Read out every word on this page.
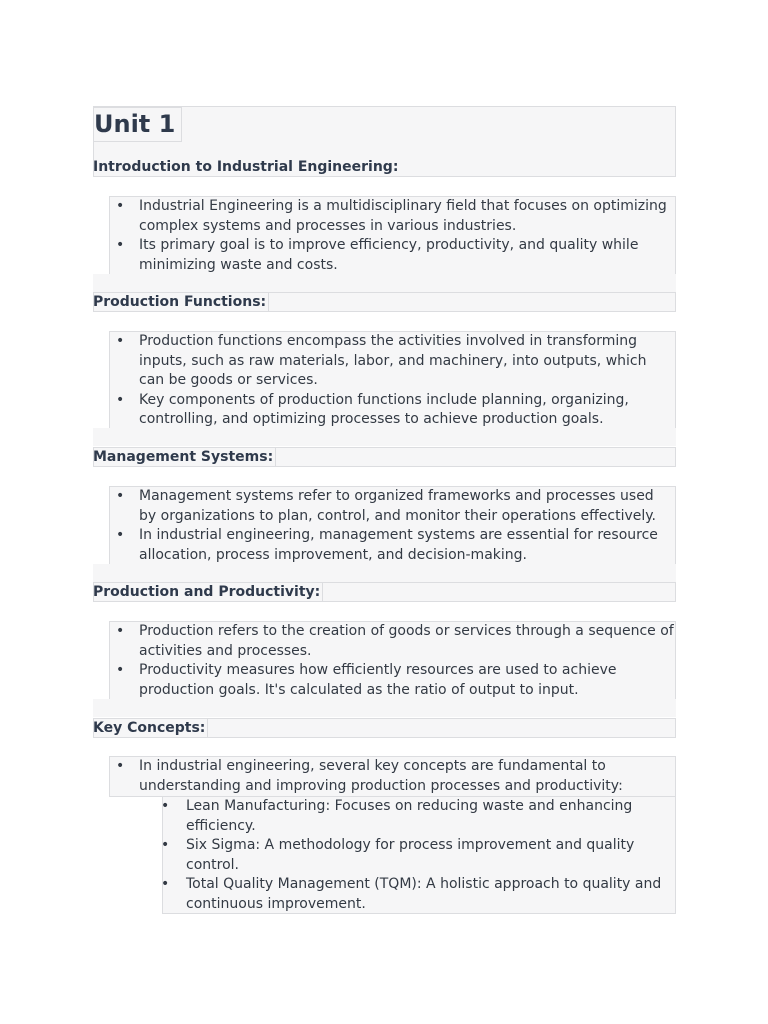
Unit 1
Introduction to Industrial Engineering:
• Industrial Engineering is a multidisciplinary field that focuses on optimizing complex systems and processes in various industries.
• Its primary goal is to improve efficiency, productivity, and quality while minimizing waste and costs.
Production Functions:
• Production functions encompass the activities involved in transforming inputs, such as raw materials, labor, and machinery, into outputs, which can be goods or services.
• Key components of production functions include planning, organizing, controlling, and optimizing processes to achieve production goals.
Management Systems:
• Management systems refer to organized frameworks and processes used by organizations to plan, control, and monitor their operations effectively.
• In industrial engineering, management systems are essential for resource allocation, process improvement, and decision-making.
Production and Productivity:
• Production refers to the creation of goods or services through a sequence of activities and processes.
• Productivity measures how efficiently resources are used to achieve production goals. It's calculated as the ratio of output to input.
Key Concepts:
• In industrial engineering, several key concepts are fundamental to understanding and improving production processes and productivity:
• Lean Manufacturing: Focuses on reducing waste and enhancing efficiency.
• Six Sigma: A methodology for process improvement and quality control.
• Total Quality Management (TQM): A holistic approach to quality and continuous improvement.
